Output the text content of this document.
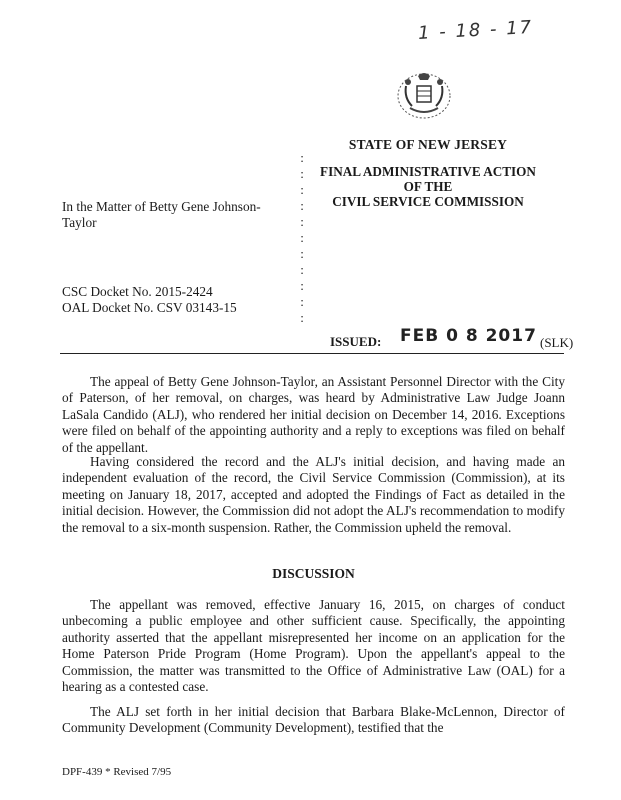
1 - 18 - 17
STATE OF NEW JERSEY
FINAL ADMINISTRATIVE ACTION
OF THE
CIVIL SERVICE COMMISSION
In the Matter of Betty Gene Johnson-
Taylor
CSC Docket No. 2015-2424
OAL Docket No. CSV 03143-15
:
:
:
:
:
:
:
:
:
:
:
ISSUED: FEB 0 8 2017 (SLK)
The appeal of Betty Gene Johnson-Taylor, an Assistant Personnel Director with the City of Paterson, of her removal, on charges, was heard by Administrative Law Judge Joann LaSala Candido (ALJ), who rendered her initial decision on December 14, 2016. Exceptions were filed on behalf of the appointing authority and a reply to exceptions was filed on behalf of the appellant.
Having considered the record and the ALJ's initial decision, and having made an independent evaluation of the record, the Civil Service Commission (Commission), at its meeting on January 18, 2017, accepted and adopted the Findings of Fact as detailed in the initial decision. However, the Commission did not adopt the ALJ's recommendation to modify the removal to a six-month suspension. Rather, the Commission upheld the removal.
DISCUSSION
The appellant was removed, effective January 16, 2015, on charges of conduct unbecoming a public employee and other sufficient cause. Specifically, the appointing authority asserted that the appellant misrepresented her income on an application for the Home Paterson Pride Program (Home Program). Upon the appellant's appeal to the Commission, the matter was transmitted to the Office of Administrative Law (OAL) for a hearing as a contested case.
The ALJ set forth in her initial decision that Barbara Blake-McLennon, Director of Community Development (Community Development), testified that the
DPF-439 * Revised 7/95
